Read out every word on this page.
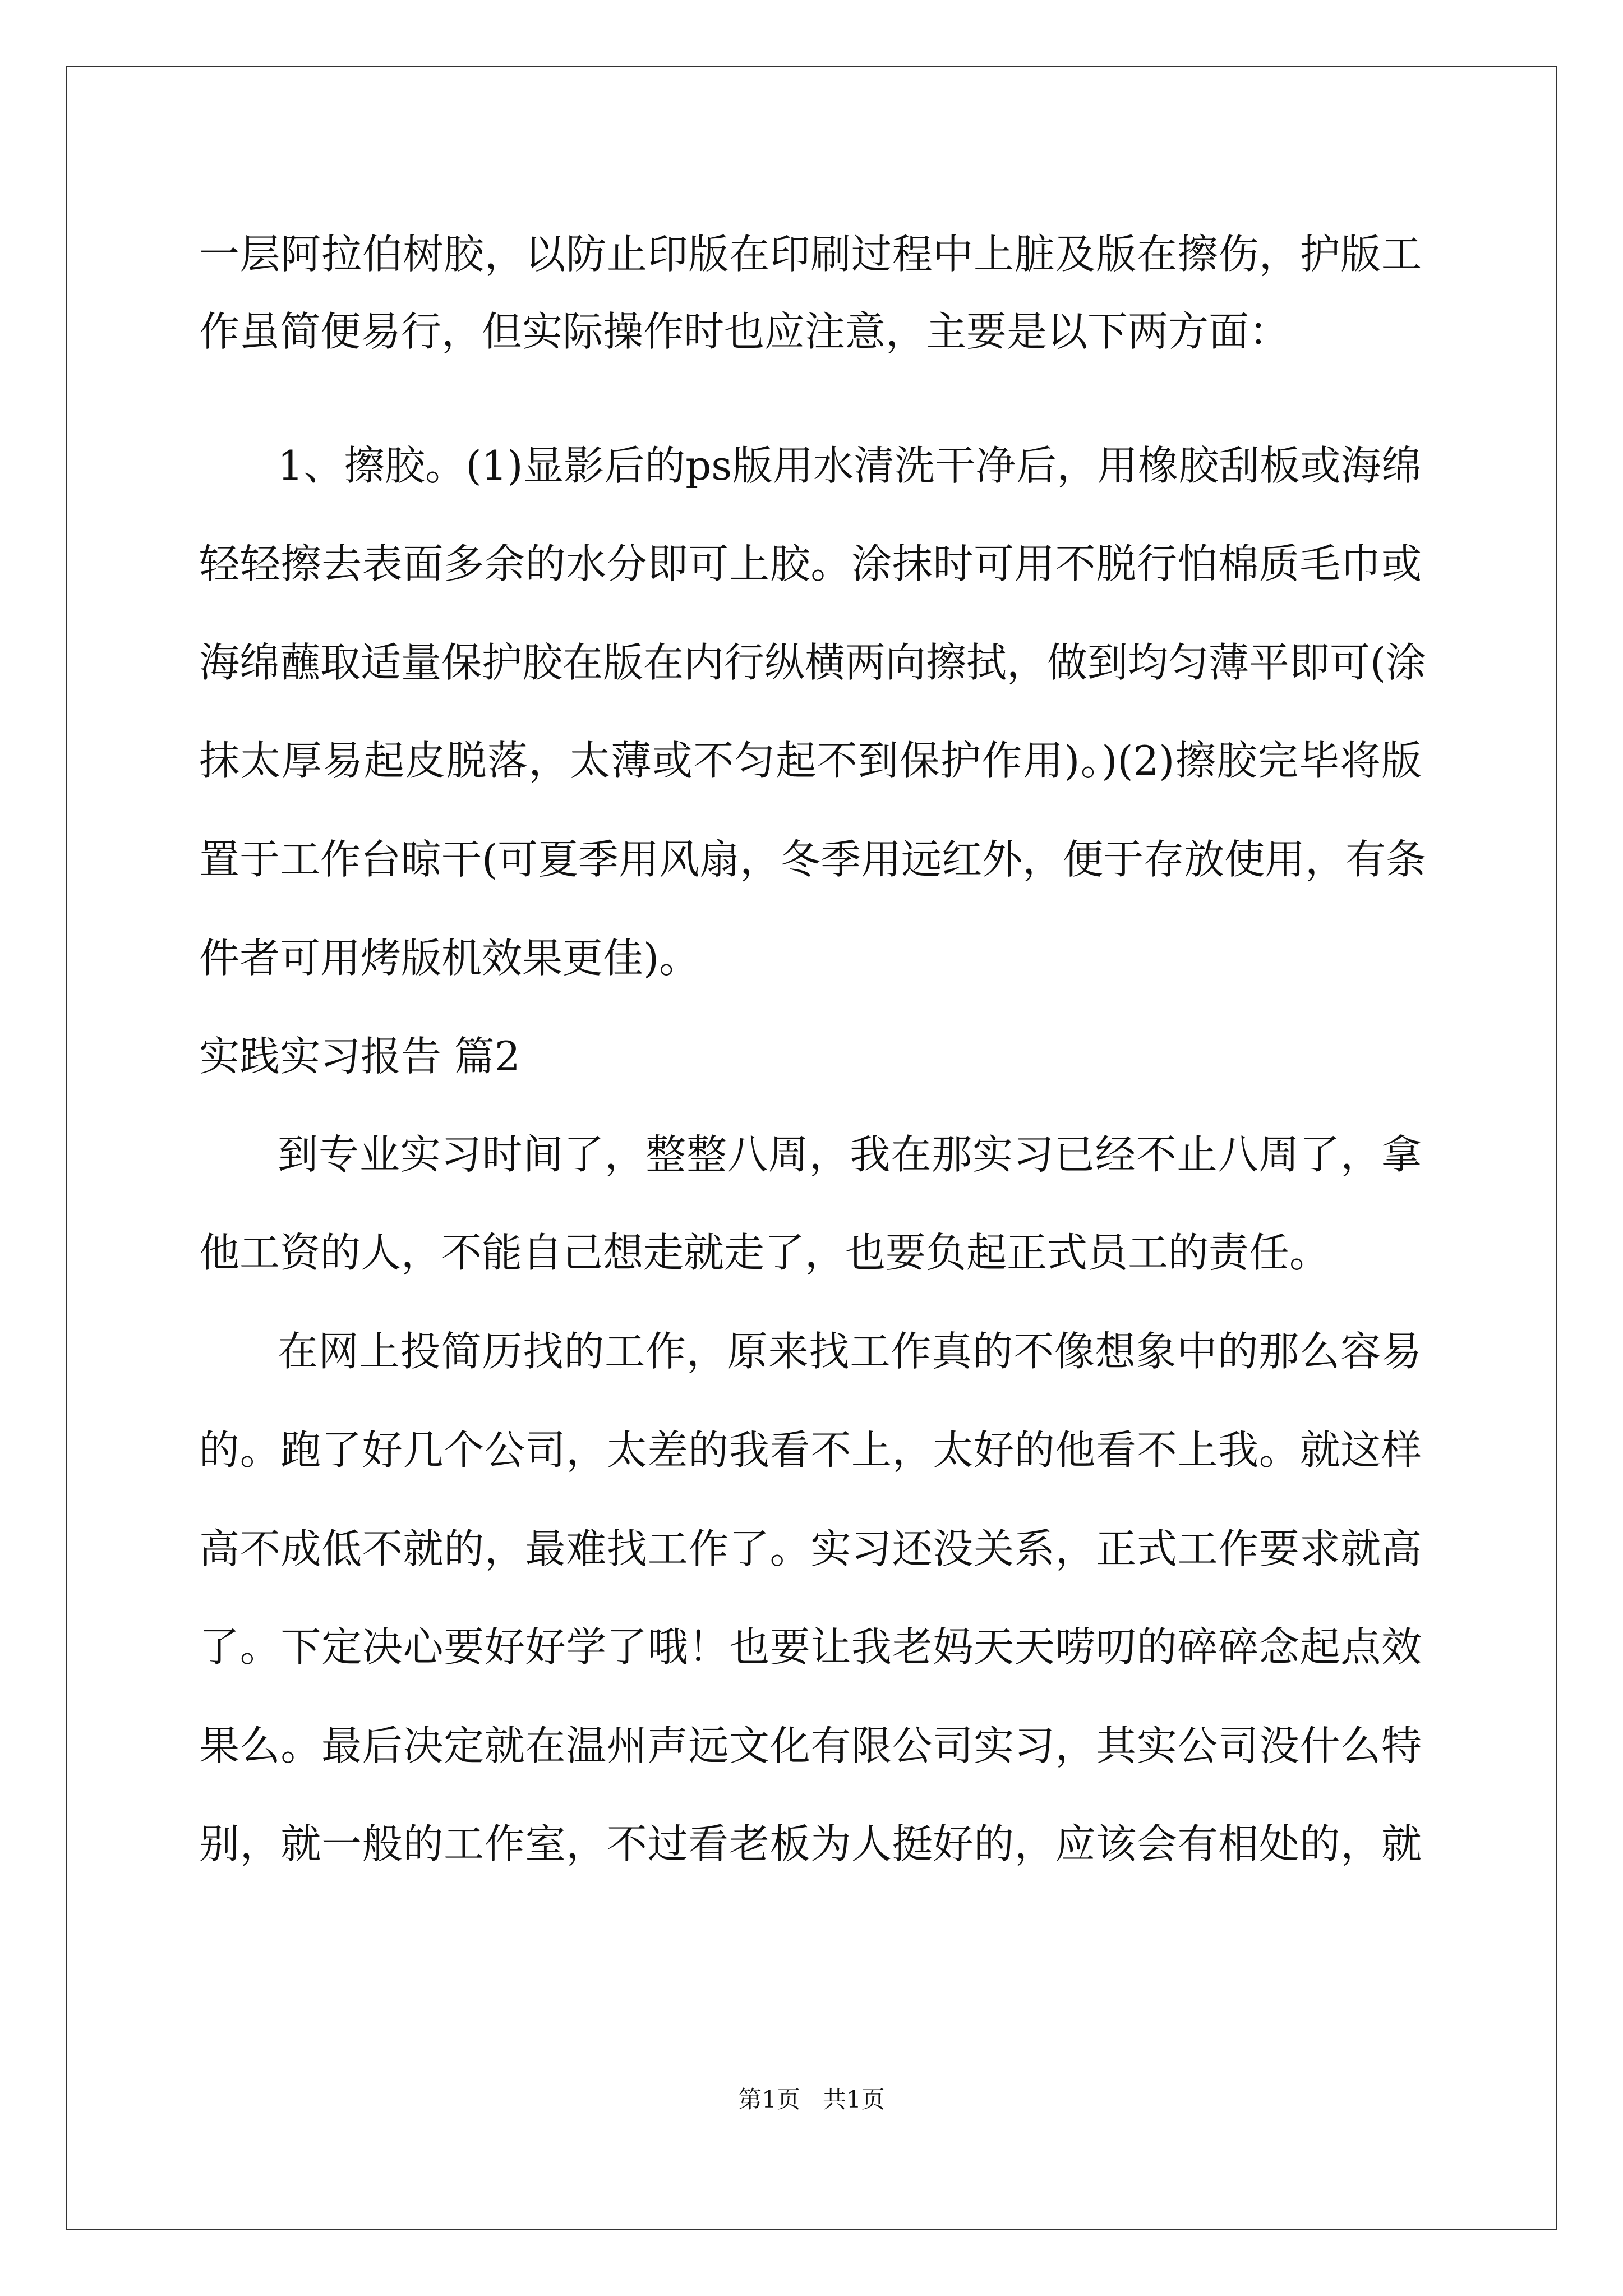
一层阿拉伯树胶，以防止印版在印刷过程中上脏及版在擦伤，护版工
作虽简便易行，但实际操作时也应注意，主要是以下两方面：
1、擦胶。(1)显影后的ps版用水清洗干净后，用橡胶刮板或海绵
轻轻擦去表面多余的水分即可上胶。涂抹时可用不脱行怕棉质毛巾或
海绵蘸取适量保护胶在版在内行纵横两向擦拭，做到均匀薄平即可(涂
抹太厚易起皮脱落，太薄或不匀起不到保护作用)。)(2)擦胶完毕将版
置于工作台晾干(可夏季用风扇，冬季用远红外，便于存放使用，有条
件者可用烤版机效果更佳)。
实践实习报告 篇2
到专业实习时间了，整整八周，我在那实习已经不止八周了，拿
他工资的人，不能自己想走就走了，也要负起正式员工的责任。
在网上投简历找的工作，原来找工作真的不像想象中的那么容易
的。跑了好几个公司，太差的我看不上，太好的他看不上我。就这样
高不成低不就的，最难找工作了。实习还没关系，正式工作要求就高
了。下定决心要好好学了哦！也要让我老妈天天唠叨的碎碎念起点效
果么。最后决定就在温州声远文化有限公司实习，其实公司没什么特
别，就一般的工作室，不过看老板为人挺好的，应该会有相处的，就
第1页   共1页
